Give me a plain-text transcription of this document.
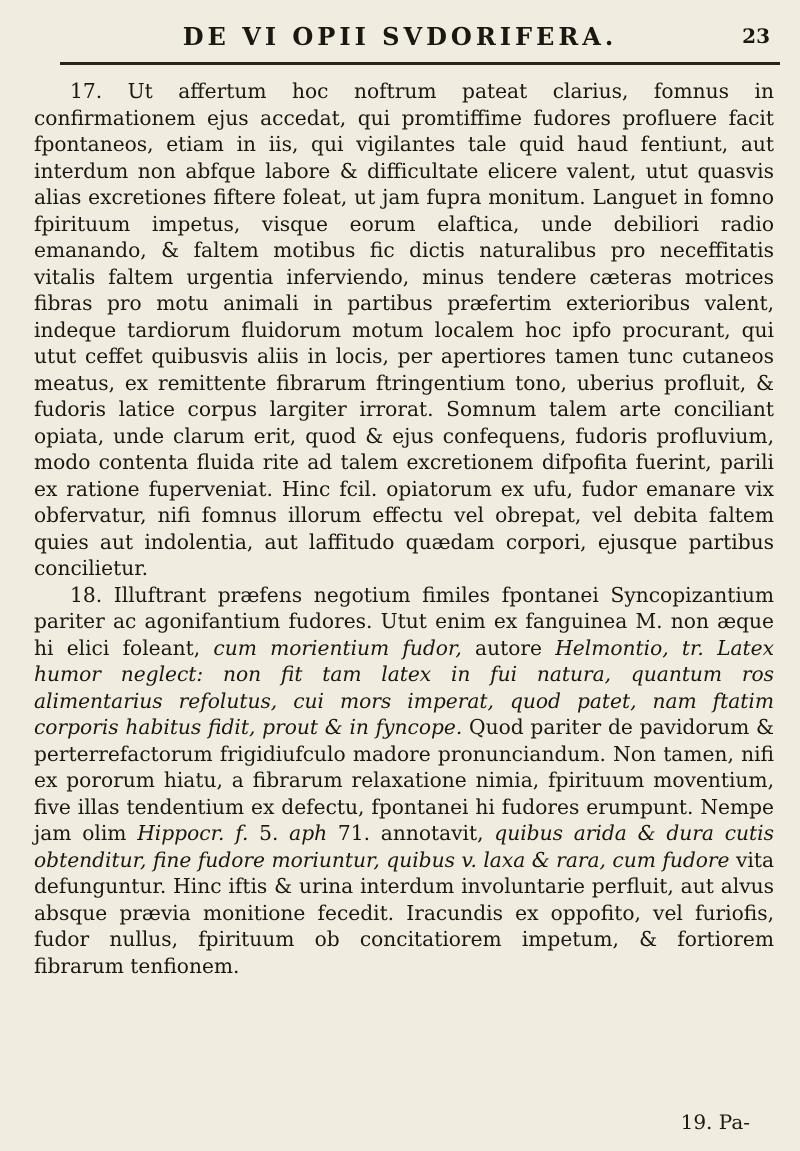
DE VI OPII SVDORIFERA.	23

17. Ut affertum hoc noftrum pateat clarius, fomnus in confirmationem ejus accedat, qui promtiffime fudores profluere facit fpontaneos, etiam in iis, qui vigilantes tale quid haud fentiunt, aut interdum non abfque labore & difficultate elicere valent, utut quasvis alias excretiones fiftere foleat, ut jam fupra monitum. Languet in fomno fpirituum impetus, visque eorum elaftica, unde debiliori radio emanando, & faltem motibus fic dictis naturalibus pro neceffitatis vitalis faltem urgentia inferviendo, minus tendere cæteras motrices fibras pro motu animali in partibus præfertim exterioribus valent, indeque tardiorum fluidorum motum localem hoc ipfo procurant, qui utut ceffet quibusvis aliis in locis, per apertiores tamen tunc cutaneos meatus, ex remittente fibrarum ftringentium tono, uberius profluit, & fudoris latice corpus largiter irrorat. Somnum talem arte conciliant opiata, unde clarum erit, quod & ejus confequens, fudoris profluvium, modo contenta fluida rite ad talem excretionem difpofita fuerint, parili ex ratione fuperveniat. Hinc fcil. opiatorum ex ufu, fudor emanare vix obfervatur, nifi fomnus illorum effectu vel obrepat, vel debita faltem quies aut indolentia, aut laffitudo quædam corpori, ejusque partibus concilietur.

18. Illuftrant præfens negotium fimiles fpontanei Syncopizantium pariter ac agonifantium fudores. Utut enim ex fanguinea M. non æque hi elici foleant, cum morientium fudor, autore Helmontio, tr. Latex humor neglect: non fit tam latex in fui natura, quantum ros alimentarius refolutus, cui mors imperat, quod patet, nam ftatim corporis habitus fidit, prout & in fyncope. Quod pariter de pavidorum & perterrefactorum frigidiufculo madore pronunciandum. Non tamen, nifi ex pororum hiatu, a fibrarum relaxatione nimia, fpirituum moventium, five illas tendentium ex defectu, fpontanei hi fudores erumpunt. Nempe jam olim Hippocr. f. 5. aph 71. annotavit, quibus arida & dura cutis obtenditur, fine fudore moriuntur, quibus v. laxa & rara, cum fudore vita defunguntur. Hinc iftis & urina interdum involuntarie perfluit, aut alvus absque prævia monitione fecedit. Iracundis ex oppofito, vel furiofis, fudor nullus, fpirituum ob concitatiorem impetum, & fortiorem fibrarum tenfionem.

19. Pa-
